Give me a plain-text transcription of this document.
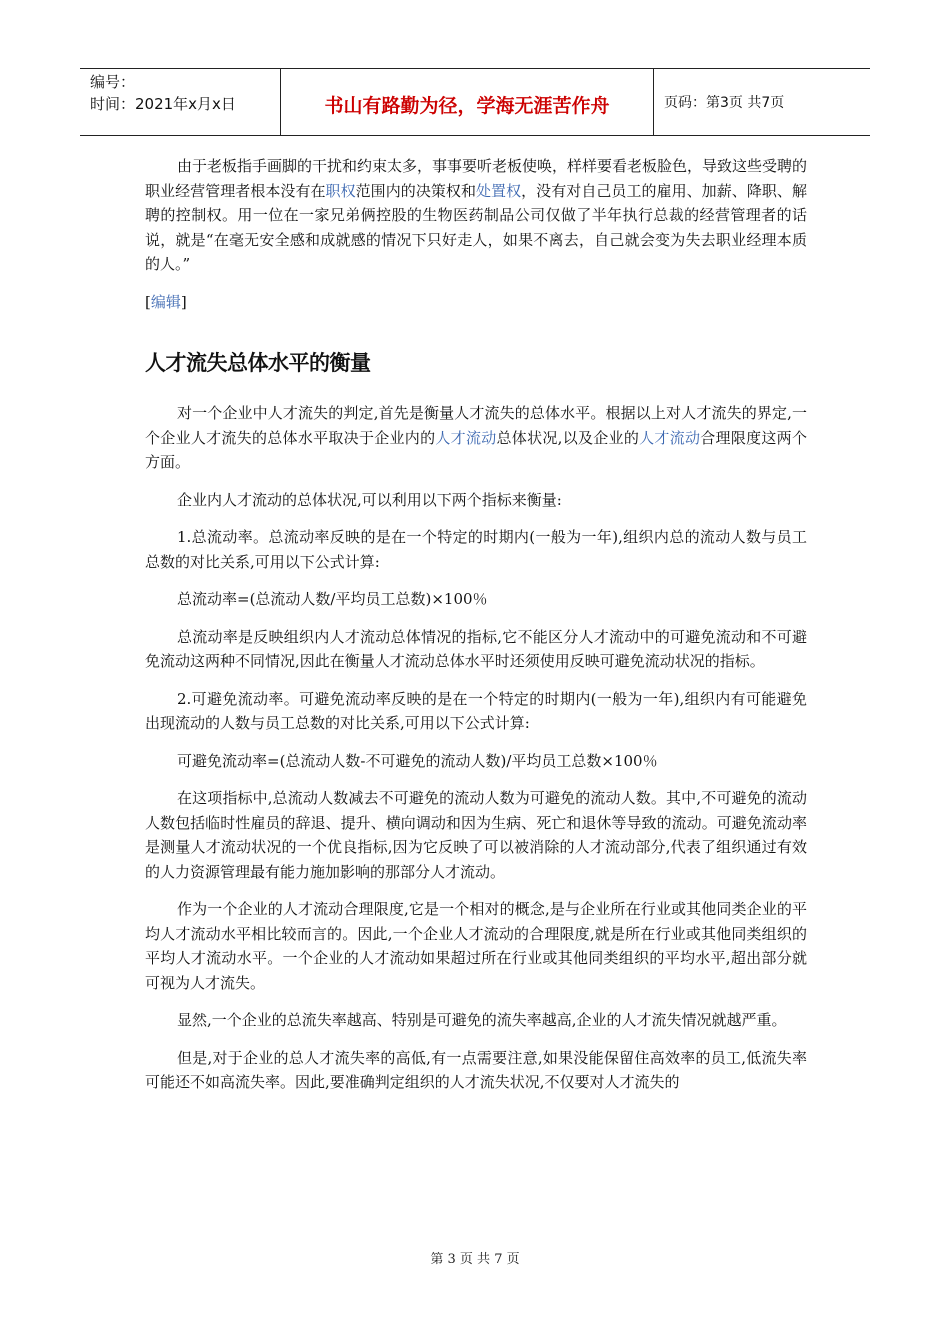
编号：
时间：2021年x月x日	书山有路勤为径，学海无涯苦作舟	页码：第3页 共7页

由于老板指手画脚的干扰和约束太多，事事要听老板使唤，样样要看老板脸色，导致这些受聘的职业经营管理者根本没有在职权范围内的决策权和处置权，没有对自己员工的雇用、加薪、降职、解聘的控制权。用一位在一家兄弟俩控股的生物医药制品公司仅做了半年执行总裁的经营管理者的话说，就是“在毫无安全感和成就感的情况下只好走人，如果不离去，自己就会变为失去职业经理本质的人。”

[编辑]
人才流失总体水平的衡量

对一个企业中人才流失的判定,首先是衡量人才流失的总体水平。根据以上对人才流失的界定,一个企业人才流失的总体水平取决于企业内的人才流动总体状况,以及企业的人才流动合理限度这两个方面。

企业内人才流动的总体状况,可以利用以下两个指标来衡量:

1.总流动率。总流动率反映的是在一个特定的时期内(一般为一年),组织内总的流动人数与员工总数的对比关系,可用以下公式计算:

总流动率=(总流动人数/平均员工总数)×100％

总流动率是反映组织内人才流动总体情况的指标,它不能区分人才流动中的可避免流动和不可避免流动这两种不同情况,因此在衡量人才流动总体水平时还须使用反映可避免流动状况的指标。

2.可避免流动率。可避免流动率反映的是在一个特定的时期内(一般为一年),组织内有可能避免出现流动的人数与员工总数的对比关系,可用以下公式计算:

可避免流动率=(总流动人数-不可避免的流动人数)/平均员工总数×100％

在这项指标中,总流动人数减去不可避免的流动人数为可避免的流动人数。其中,不可避免的流动人数包括临时性雇员的辞退、提升、横向调动和因为生病、死亡和退休等导致的流动。可避免流动率是测量人才流动状况的一个优良指标,因为它反映了可以被消除的人才流动部分,代表了组织通过有效的人力资源管理最有能力施加影响的那部分人才流动。

作为一个企业的人才流动合理限度,它是一个相对的概念,是与企业所在行业或其他同类企业的平均人才流动水平相比较而言的。因此,一个企业人才流动的合理限度,就是所在行业或其他同类组织的平均人才流动水平。一个企业的人才流动如果超过所在行业或其他同类组织的平均水平,超出部分就可视为人才流失。

显然,一个企业的总流失率越高、特别是可避免的流失率越高,企业的人才流失情况就越严重。

但是,对于企业的总人才流失率的高低,有一点需要注意,如果没能保留住高效率的员工,低流失率可能还不如高流失率。因此,要准确判定组织的人才流失状况,不仅要对人才流失的

第 3 页 共 7 页
